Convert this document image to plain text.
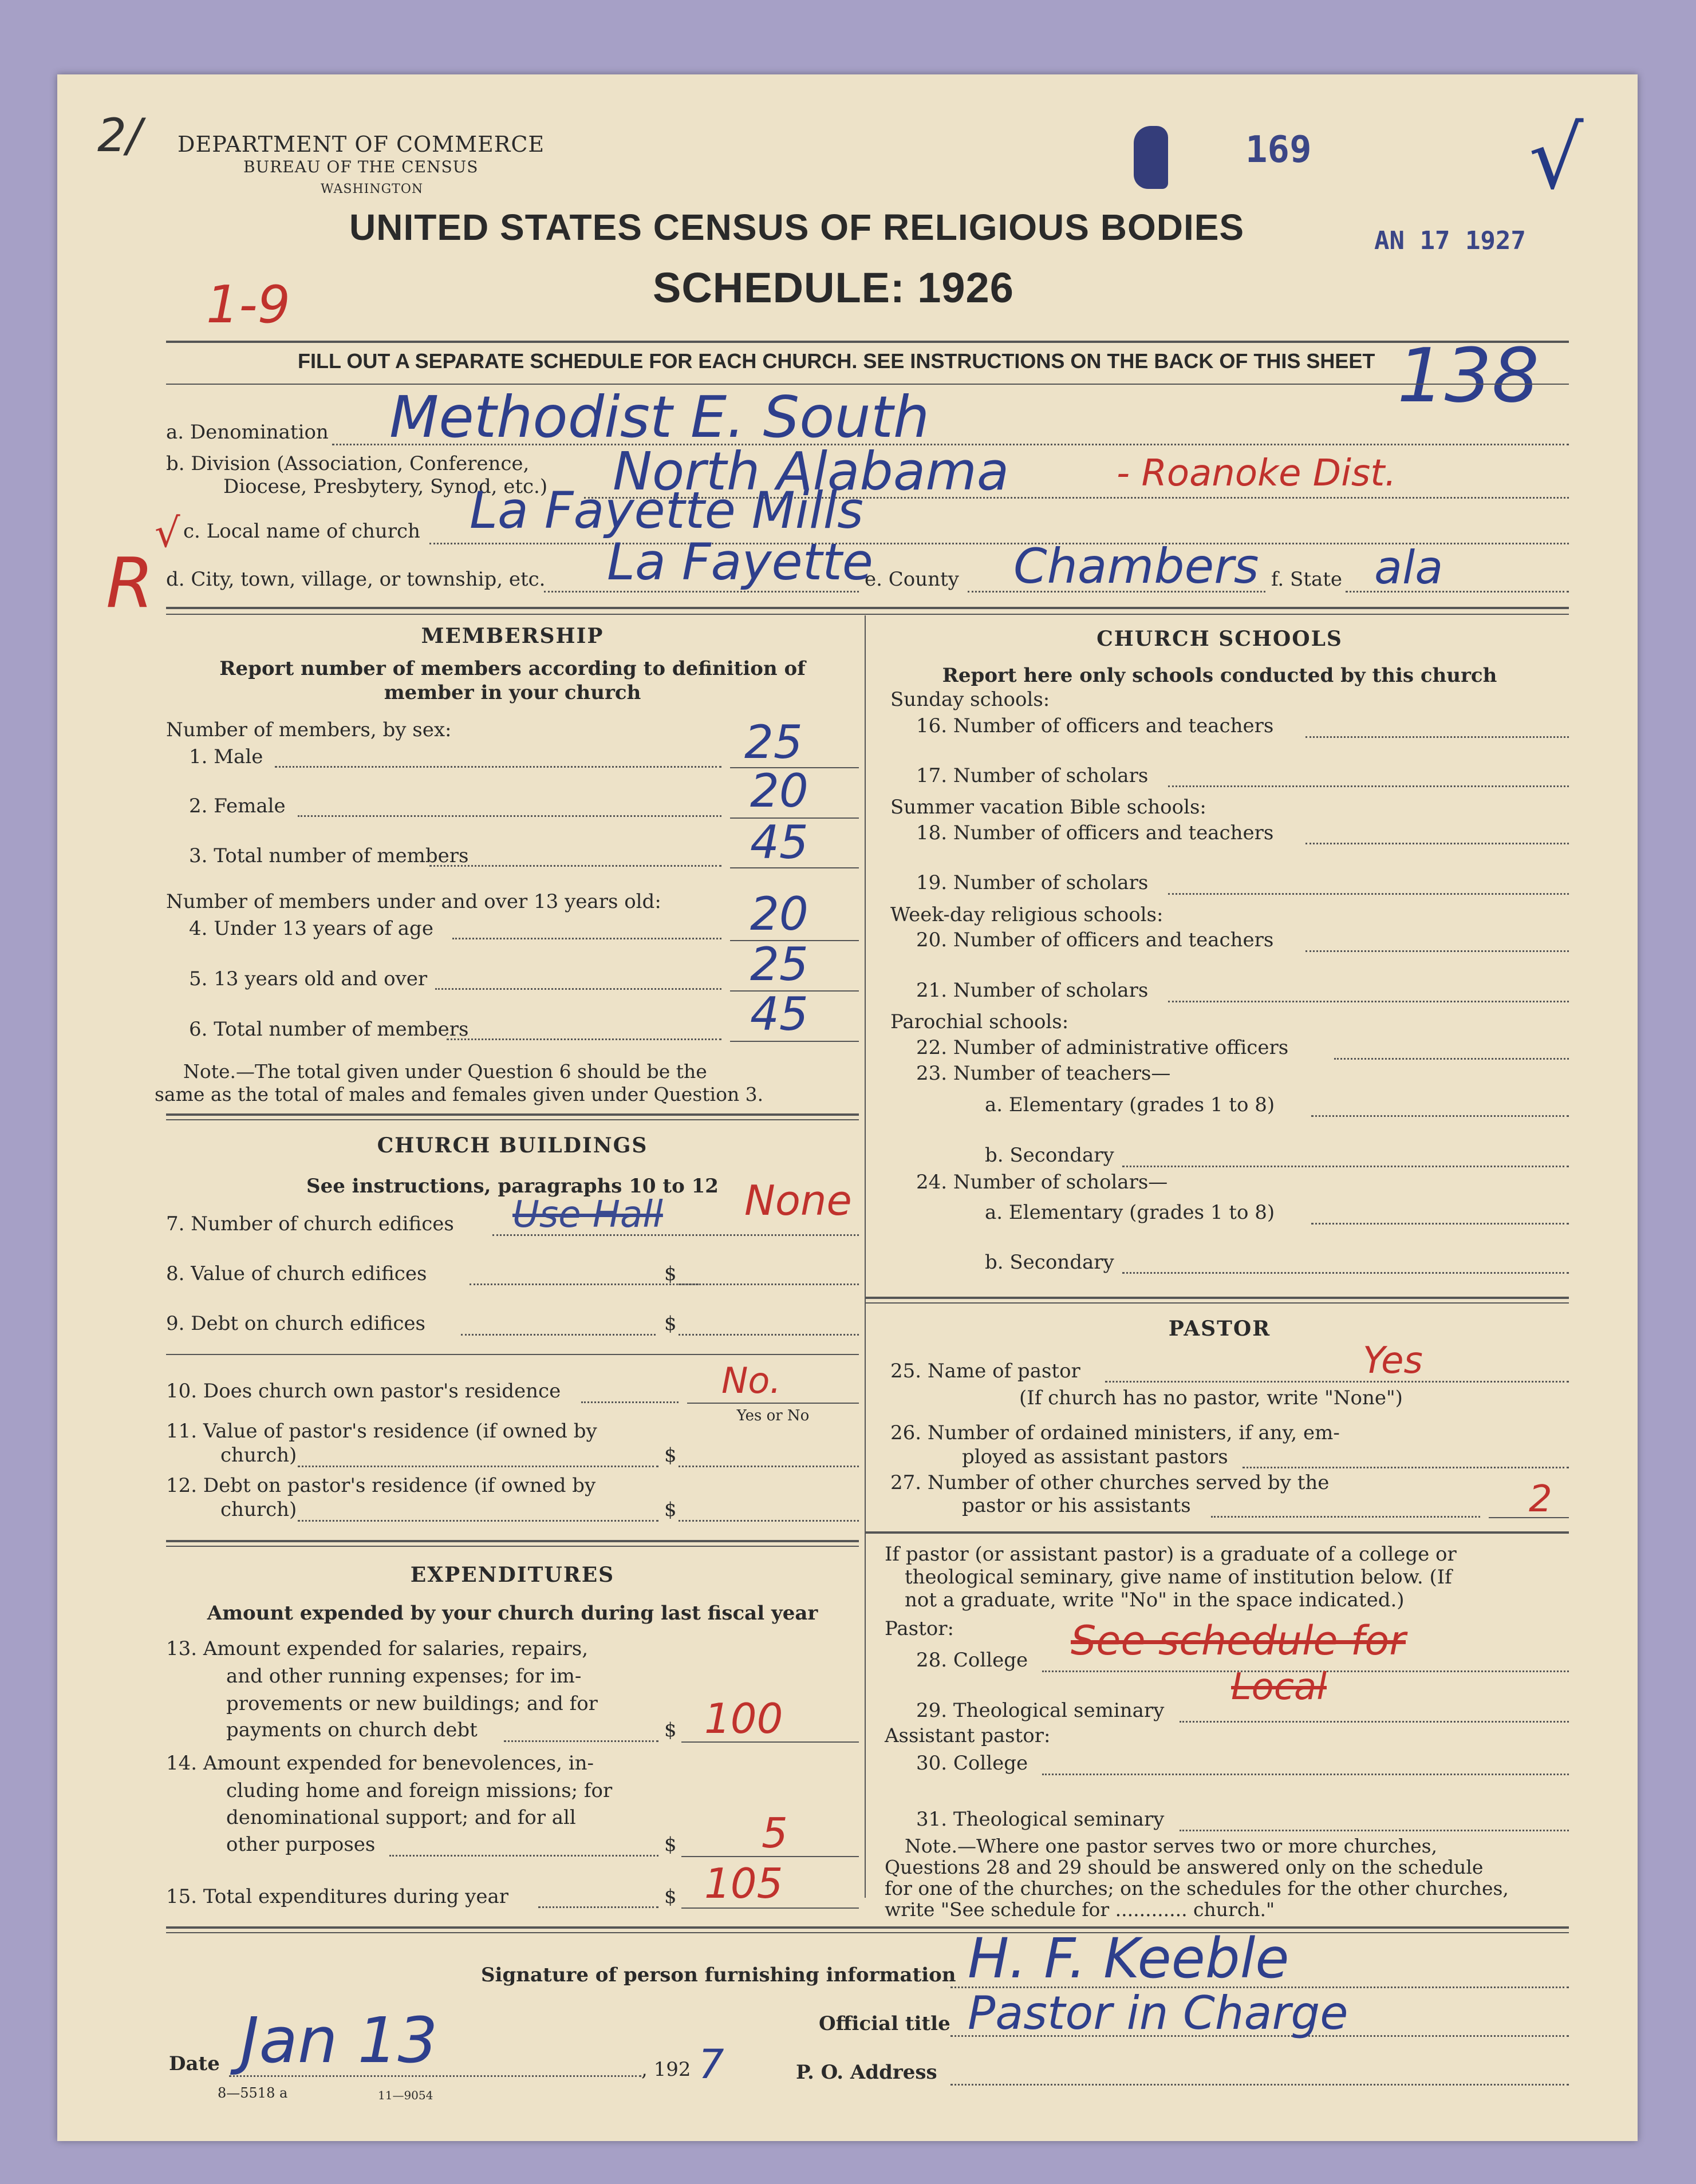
2/ DEPARTMENT OF COMMERCE
BUREAU OF THE CENSUS
WASHINGTON
169	√
UNITED STATES CENSUS OF RELIGIOUS BODIES	AN 17 1927
1-9	SCHEDULE: 1926
FILL OUT A SEPARATE SCHEDULE FOR EACH CHURCH. SEE INSTRUCTIONS ON THE BACK OF THIS SHEET 138
a. Denomination Methodist E. South
b. Division (Association, Conference,
Diocese, Presbytery, Synod, etc.) North Alabama	- Roanoke Dist.
√ c. Local name of church La Fayette Mills
R d. City, town, village, or township, etc. La Fayette
e. County Chambers f. State ala
MEMBERSHIP
Report number of members according to definition of
member in your church
Number of members, by sex:
1. Male	25
2. Female	20
3. Total number of members	45
Number of members under and over 13 years old:
4. Under 13 years of age	20
5. 13 years old and over	25
6. Total number of members	45
Note.—The total given under Question 6 should be the
same as the total of males and females given under Question 3.
CHURCH BUILDINGS
See instructions, paragraphs 10 to 12
7. Number of church edifices Use Hall None
8. Value of church edifices	$
9. Debt on church edifices	$
10. Does church own pastor's residence	No.
Yes or No
11. Value of pastor's residence (if owned by
church)	$
12. Debt on pastor's residence (if owned by
church)	$
EXPENDITURES
Amount expended by your church during last fiscal year
13. Amount expended for salaries, repairs,
and other running expenses; for im-
provements or new buildings; and for
payments on church debt	$ 100
14. Amount expended for benevolences, in-
cluding home and foreign missions; for
denominational support; and for all
other purposes	$ 5
15. Total expenditures during year	$ 105
CHURCH SCHOOLS
Report here only schools conducted by this church
Sunday schools:
16. Number of officers and teachers
17. Number of scholars
Summer vacation Bible schools:
18. Number of officers and teachers
19. Number of scholars
Week-day religious schools:
20. Number of officers and teachers
21. Number of scholars
Parochial schools:
22. Number of administrative officers
23. Number of teachers—
a. Elementary (grades 1 to 8)
b. Secondary
24. Number of scholars—
a. Elementary (grades 1 to 8)
b. Secondary
PASTOR
25. Name of pastor	Yes
(If church has no pastor, write "None")
26. Number of ordained ministers, if any, em-
ployed as assistant pastors
27. Number of other churches served by the
pastor or his assistants	2
If pastor (or assistant pastor) is a graduate of a college or
theological seminary, give name of institution below. (If
not a graduate, write "No" in the space indicated.)
Pastor:
28. College See schedule for
29. Theological seminary
Local
Assistant pastor:
30. College
31. Theological seminary
Note.—Where one pastor serves two or more churches,
Questions 28 and 29 should be answered only on the schedule
for one of the churches; on the schedules for the other churches,
write "See schedule for ............ church."
Signature of person furnishing information H. F. Keeble
Official title Pastor in Charge
Date Jan 13	, 192 7	P. O. Address
8—5518 a	11—9054
